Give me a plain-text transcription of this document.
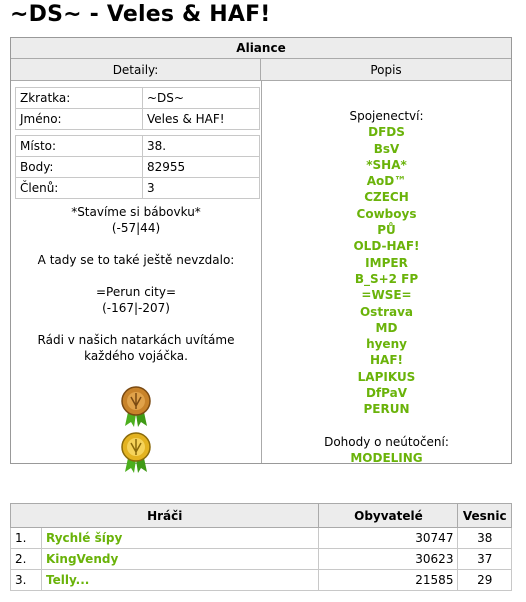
~DS~ - Veles & HAF!
Aliance
Detaily:	Popis
Zkratka:	~DS~
Jméno:	Veles & HAF!
Místo:	38.
Body:	82955
Členů:	3
*Stavíme si bábovku*
(-57|44)
A tady se to také ještě nevzdalo:
=Perun city=
(-167|-207)
Rádi v našich natarkách uvítáme
každého vojáčka.
Spojenectví:
DFDS
BsV
*SHA*
AoD™
CZECH
Cowboys
PŮ
OLD-HAF!
IMPER
B_S+2 FP
=WSE=
Ostrava
MD
hyeny
HAF!
LAPIKUS
DfPaV
PERUN
Dohody o neútočení:
MODELING
Hráči		Obyvatelé	Vesnic
1.	Rychlé šípy	30747	38
2.	KingVendy	30623	37
3.	Telly...	21585	29
